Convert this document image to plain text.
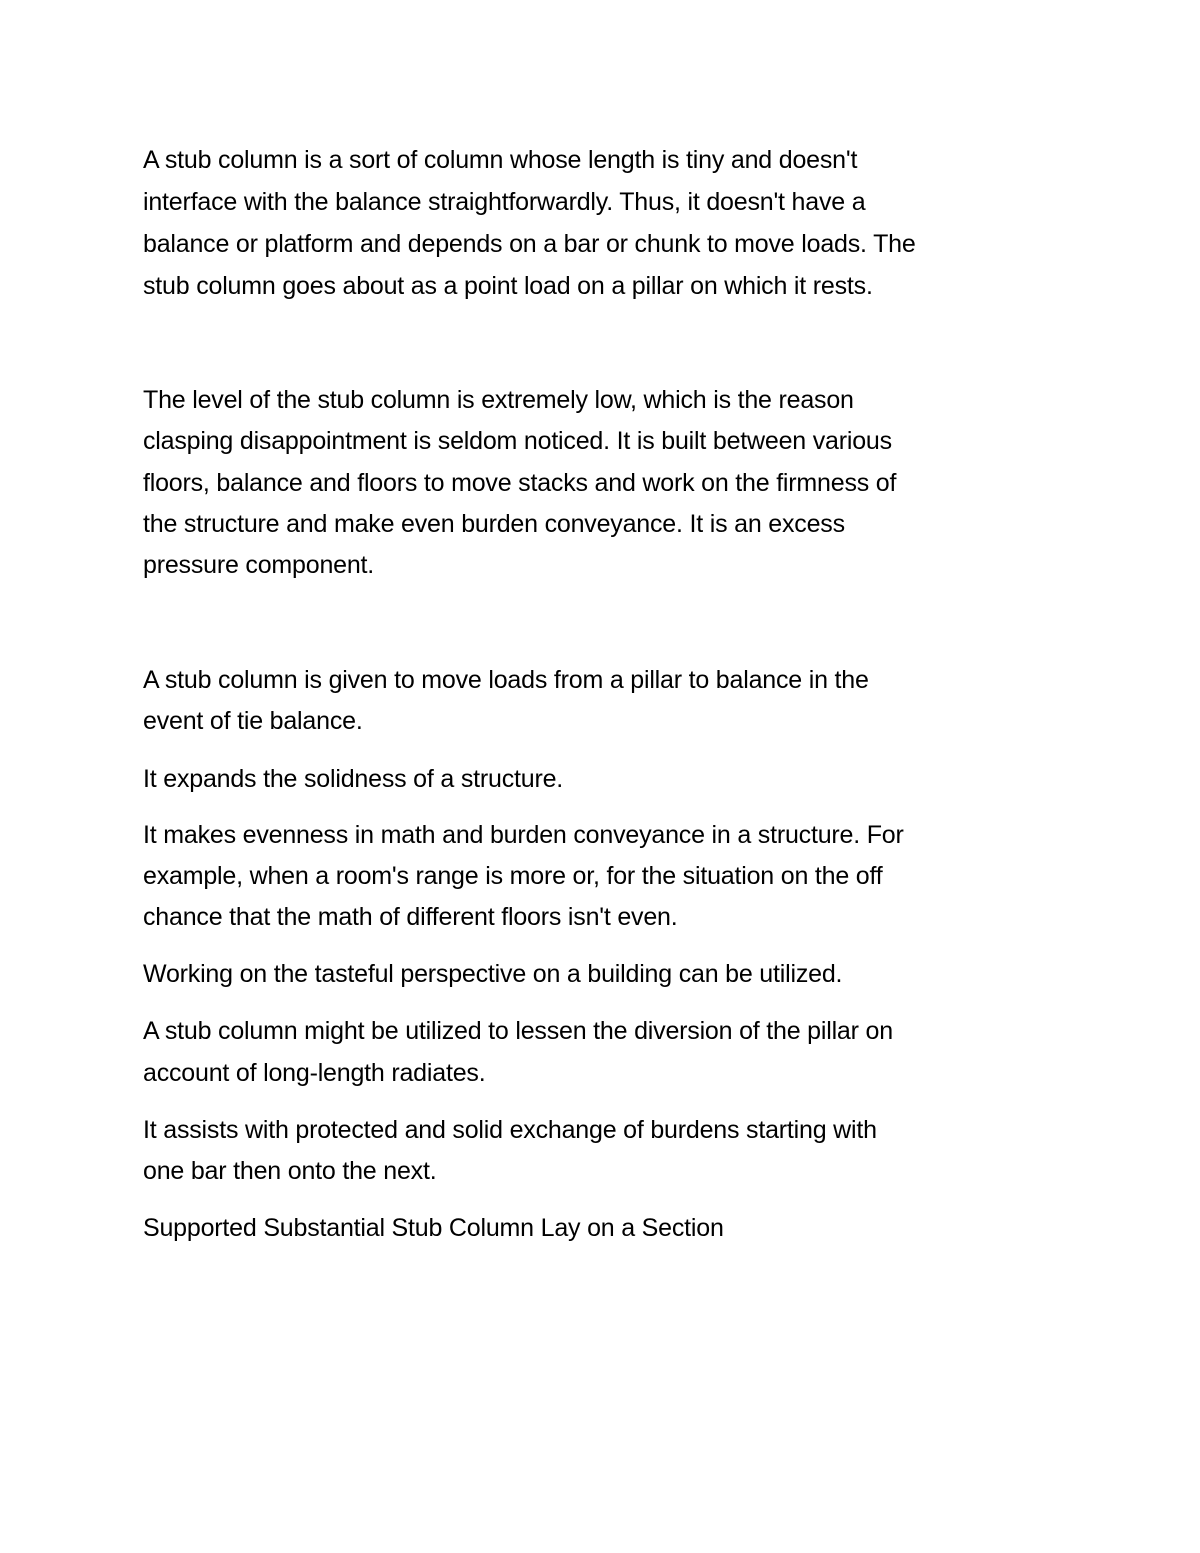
A stub column is a sort of column whose length is tiny and doesn't

interface with the balance straightforwardly. Thus, it doesn't have a

balance or platform and depends on a bar or chunk to move loads. The

stub column goes about as a point load on a pillar on which it rests.

The level of the stub column is extremely low, which is the reason

clasping disappointment is seldom noticed. It is built between various

floors, balance and floors to move stacks and work on the firmness of

the structure and make even burden conveyance. It is an excess

pressure component.

A stub column is given to move loads from a pillar to balance in the

event of tie balance.

It expands the solidness of a structure.

It makes evenness in math and burden conveyance in a structure. For

example, when a room's range is more or, for the situation on the off

chance that the math of different floors isn't even.

Working on the tasteful perspective on a building can be utilized.

A stub column might be utilized to lessen the diversion of the pillar on

account of long-length radiates.

It assists with protected and solid exchange of burdens starting with

one bar then onto the next.

Supported Substantial Stub Column Lay on a Section
